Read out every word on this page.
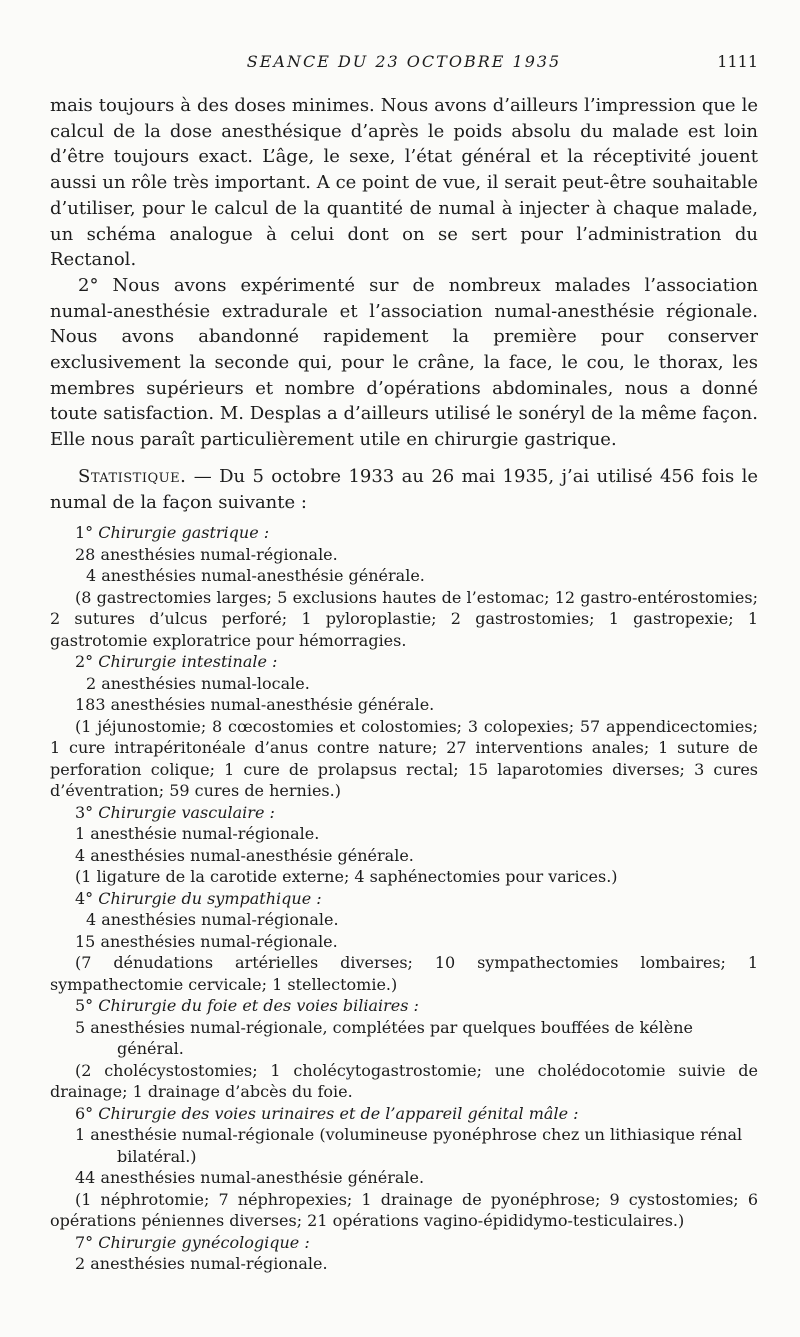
SEANCE DU 23 OCTOBRE 1935	1111

mais toujours à des doses minimes. Nous avons d’ailleurs l’impression que le calcul de la dose anesthésique d’après le poids absolu du malade est loin d’être toujours exact. L’âge, le sexe, l’état général et la réceptivité jouent aussi un rôle très important. A ce point de vue, il serait peut-être souhaitable d’utiliser, pour le calcul de la quantité de numal à injecter à chaque malade, un schéma analogue à celui dont on se sert pour l’administration du Rectanol.

2° Nous avons expérimenté sur de nombreux malades l’association numal-anesthésie extradurale et l’association numal-anesthésie régionale. Nous avons abandonné rapidement la première pour conserver exclusivement la seconde qui, pour le crâne, la face, le cou, le thorax, les membres supérieurs et nombre d’opérations abdominales, nous a donné toute satisfaction. M. Desplas a d’ailleurs utilisé le sonéryl de la même façon. Elle nous paraît particulièrement utile en chirurgie gastrique.

Statistique. — Du 5 octobre 1933 au 26 mai 1935, j’ai utilisé 456 fois le numal de la façon suivante :

1° Chirurgie gastrique :
28 anesthésies numal-régionale.
4 anesthésies numal-anesthésie générale.
(8 gastrectomies larges; 5 exclusions hautes de l’estomac; 12 gastro-entérostomies; 2 sutures d’ulcus perforé; 1 pyloroplastie; 2 gastrostomies; 1 gastropexie; 1 gastrotomie exploratrice pour hémorragies.
2° Chirurgie intestinale :
2 anesthésies numal-locale.
183 anesthésies numal-anesthésie générale.
(1 jéjunostomie; 8 cœcostomies et colostomies; 3 colopexies; 57 appendicectomies; 1 cure intrapéritonéale d’anus contre nature; 27 interventions anales; 1 suture de perforation colique; 1 cure de prolapsus rectal; 15 laparotomies diverses; 3 cures d’éventration; 59 cures de hernies.)
3° Chirurgie vasculaire :
1 anesthésie numal-régionale.
4 anesthésies numal-anesthésie générale.
(1 ligature de la carotide externe; 4 saphénectomies pour varices.)
4° Chirurgie du sympathique :
4 anesthésies numal-régionale.
15 anesthésies numal-régionale.
(7 dénudations artérielles diverses; 10 sympathectomies lombaires; 1 sympathectomie cervicale; 1 stellectomie.)
5° Chirurgie du foie et des voies biliaires :
5 anesthésies numal-régionale, complétées par quelques bouffées de kélène général.
(2 cholécystostomies; 1 cholécytogastrostomie; une cholédocotomie suivie de drainage; 1 drainage d’abcès du foie.
6° Chirurgie des voies urinaires et de l’appareil génital mâle :
1 anesthésie numal-régionale (volumineuse pyonéphrose chez un lithiasique rénal bilatéral.)
44 anesthésies numal-anesthésie générale.
(1 néphrotomie; 7 néphropexies; 1 drainage de pyonéphrose; 9 cystostomies; 6 opérations péniennes diverses; 21 opérations vagino-épididymo-testiculaires.)
7° Chirurgie gynécologique :
2 anesthésies numal-régionale.
